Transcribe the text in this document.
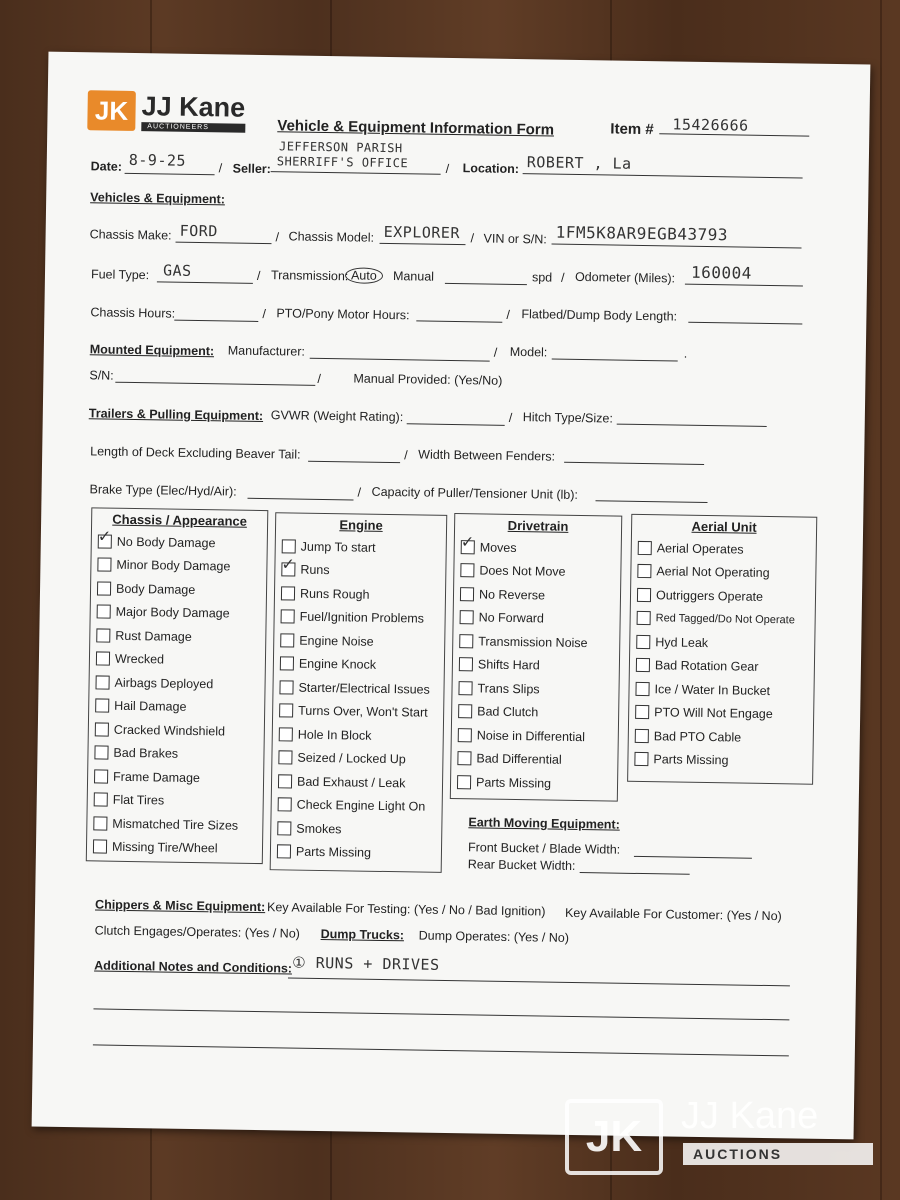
JK JJ Kane
AUCTIONEERS	Vehicle & Equipment Information Form	Item # 15426666
Date: 8-9-25	/ Seller:
JEFFERSON PARISH
SHERRIFF'S OFFICE	/ Location: ROBERT , La
Vehicles & Equipment:
Chassis Make: FORD	/ Chassis Model: EXPLORER / VIN or S/N: 1FM5K8AR9EGB43793
Fuel Type: GAS	/ Transmission: Auto	Manual	spd / Odometer (Miles): 160004
Chassis Hours:	/ PTO/Pony Motor Hours:	/ Flatbed/Dump Body Length:
Mounted Equipment: Manufacturer:	/ Model:	.
S/N:	/	Manual Provided: (Yes/No)
Trailers & Pulling Equipment: GVWR (Weight Rating):	/ Hitch Type/Size:
Length of Deck Excluding Beaver Tail:	/ Width Between Fenders:
Brake Type (Elec/Hyd/Air):	/ Capacity of Puller/Tensioner Unit (lb):
Chassis / Appearance
✓
No Body Damage
Minor Body Damage
Body Damage
Major Body Damage
Rust Damage
Wrecked
Airbags Deployed
Hail Damage
Cracked Windshield
Bad Brakes
Frame Damage
Flat Tires
Mismatched Tire Sizes
Missing Tire/Wheel
Engine
Jump To start
✓
Runs
Runs Rough
Fuel/Ignition Problems
Engine Noise
Engine Knock
Starter/Electrical Issues
Turns Over, Won't Start
Hole In Block
Seized / Locked Up
Bad Exhaust / Leak
Check Engine Light On
Smokes
Parts Missing
Drivetrain
✓
Moves
Does Not Move
No Reverse
No Forward
Transmission Noise
Shifts Hard
Trans Slips
Bad Clutch
Noise in Differential
Bad Differential
Parts Missing
Aerial Unit
Aerial Operates
Aerial Not Operating
Outriggers Operate
Red Tagged/Do Not Operate
Hyd Leak
Bad Rotation Gear
Ice / Water In Bucket
PTO Will Not Engage
Bad PTO Cable
Parts Missing
Earth Moving Equipment:
Front Bucket / Blade Width:
Rear Bucket Width:
Chippers & Misc Equipment: Key Available For Testing: (Yes / No / Bad Ignition) Key Available For Customer: (Yes / No)
Clutch Engages/Operates: (Yes / No) Dump Trucks: Dump Operates: (Yes / No)
Additional Notes and Conditions: ① RUNS + DRIVES
JK	JJ Kane
AUCTIONS
